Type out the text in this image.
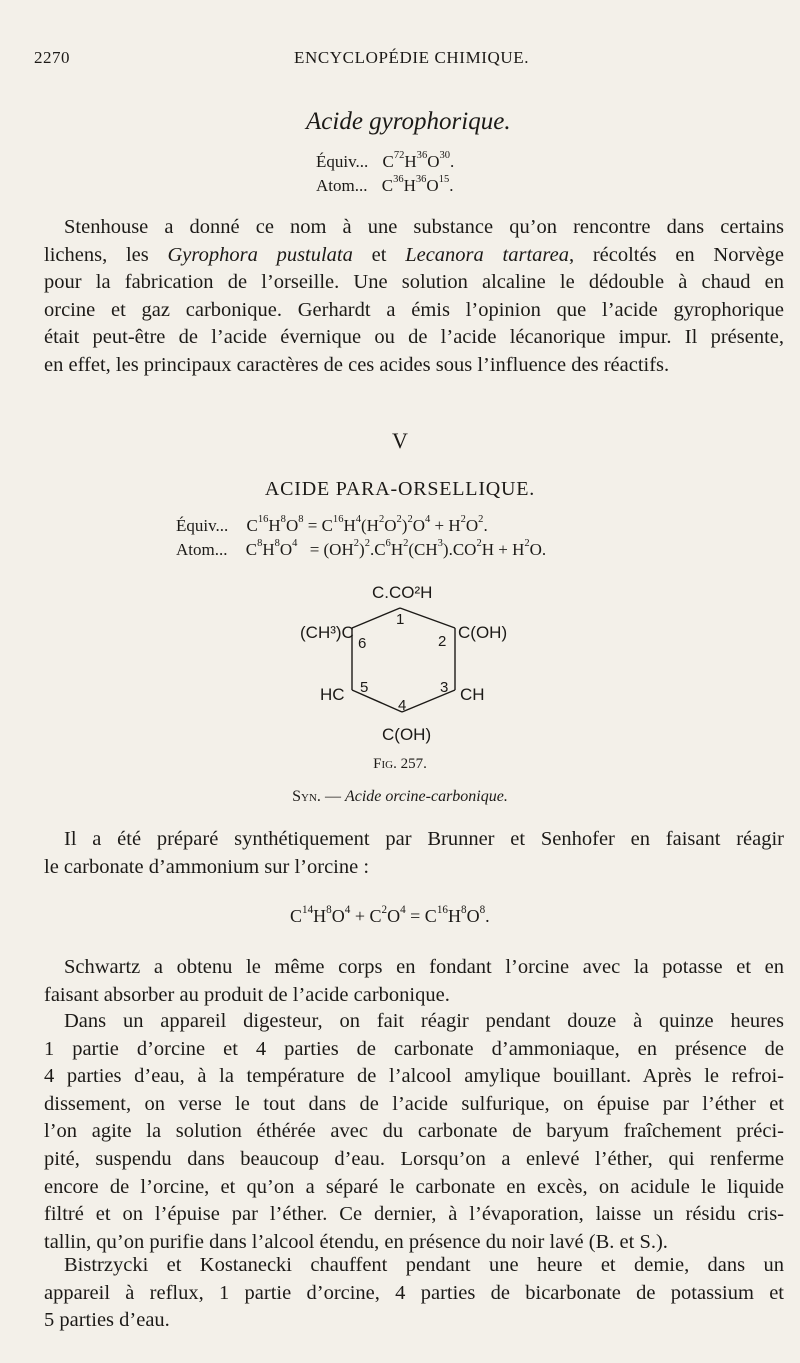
2270	ENCYCLOPÉDIE CHIMIQUE.
Acide gyrophorique.
Équiv... $C^{72}H^{36}O^{30}$.
Atom... $C^{36}H^{36}O^{15}$.
Stenhouse a donné ce nom à une substance qu’on rencontre dans certains
lichens, les Gyrophora pustulata et Lecanora tartarea, récoltés en Norvège
pour la fabrication de l’orseille. Une solution alcaline le dédouble à chaud en
orcine et gaz carbonique. Gerhardt a émis l’opinion que l’acide gyrophorique
était peut-être de l’acide évernique ou de l’acide lécanorique impur. Il présente,
en effet, les principaux caractères de ces acides sous l’influence des réactifs.
V
ACIDE PARA-ORSELLIQUE.
Équiv... $C^{16}H^8O^8 = C^{16}H^4(H^2O^2)^2O^4 + H^2O^2$.
Atom... $C^8H^8O^4 = (OH^2)^2.C^6H^2(CH^3).CO^2H + H^2O$.
C.CO²H
(CH³)C	C(OH)
HC	CH
C(OH)
1
2
3
4
5
6
Fig. 257.
Syn. — Acide orcine-carbonique.
Il a été préparé synthétiquement par Brunner et Senhofer en faisant réagir
le carbonate d’ammonium sur l’orcine :
$C^{14}H^8O^4 + C^2O^4 = C^{16}H^8O^8$.
Schwartz a obtenu le même corps en fondant l’orcine avec la potasse et en
faisant absorber au produit de l’acide carbonique.
Dans un appareil digesteur, on fait réagir pendant douze à quinze heures
1 partie d’orcine et 4 parties de carbonate d’ammoniaque, en présence de
4 parties d’eau, à la température de l’alcool amylique bouillant. Après le refroi-
dissement, on verse le tout dans de l’acide sulfurique, on épuise par l’éther et
l’on agite la solution éthérée avec du carbonate de baryum fraîchement préci-
pité, suspendu dans beaucoup d’eau. Lorsqu’on a enlevé l’éther, qui renferme
encore de l’orcine, et qu’on a séparé le carbonate en excès, on acidule le liquide
filtré et on l’épuise par l’éther. Ce dernier, à l’évaporation, laisse un résidu cris-
tallin, qu’on purifie dans l’alcool étendu, en présence du noir lavé (B. et S.).
Bistrzycki et Kostanecki chauffent pendant une heure et demie, dans un
appareil à reflux, 1 partie d’orcine, 4 parties de bicarbonate de potassium et
5 parties d’eau.
